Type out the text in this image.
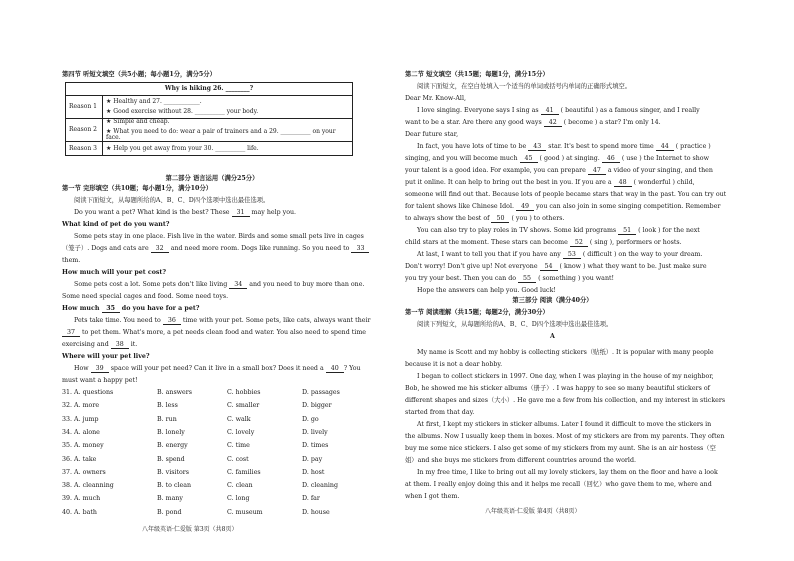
Why is hiking 26. ________?	
Reason 1	★ Healthy and 27. ____________.
★ Good exercise without 28. __________ your body.

Reason 2	★ Simple and cheap.
★ What you need to do: wear a pair of trainers and a 29. __________ on your face.

Reason 3	★ Help you get away from your 30. __________ life.
第四节 听短文填空（共5小题；每小题1分，满分5分）
第二部分 语言运用（满分25分）
第一节 完形填空（共10题；每小题1分，满分10分）
阅读下面短文，从每题所给的A、B、C、D四个选项中选出最佳选项。
Do you want a pet? What kind is the best? These 31 may help you.
What kind of pet do you want?
Some pets stay in one place. Fish live in the water. Birds and some small pets live in cages
（笼子）. Dogs and cats are 32 and need more room. Dogs like running. So you need to 33
them.
How much will your pet cost?
Some pets cost a lot. Some pets don't like living 34 and you need to buy more than one.
Some need special cages and food. Some need toys.
How much 35 do you have for a pet?
Pets take time. You need to 36 time with your pet. Some pets, like cats, always want their
37 to pet them. What's more, a pet needs clean food and water. You also need to spend time
exercising and 38 it.
Where will your pet live?
How 39 space will your pet need? Can it live in a small box? Does it need a 40 ? You
must want a happy pet!
31. A. questions	B. answers	C. hobbies	D. passages
32. A. more	B. less	C. smaller	D. bigger
33. A. jump	B. run	C. walk	D. go
34. A. alone	B. lonely	C. lovely	D. lively
35. A. money	B. energy	C. time	D. times
36. A. take	B. spend	C. cost	D. pay
37. A. owners	B. visitors	C. families	D. host
38. A. cleanning	B. to clean	C. clean	D. cleaning
39. A. much	B. many	C. long	D. far
40. A. bath	B. pond	C. museum	D. house
八年级英语·仁爱版 第3页（共8页）
第二节 短文填空（共15题；每题1分，满分15分）
阅读下面短文，在空白处填入一个适当的单词或括号内单词的正确形式填空。
Dear Mr. Know-All,
I love singing. Everyone says I sing as 41 ( beautiful ) as a famous singer, and I really
want to be a star. Are there any good ways 42 ( become ) a star? I'm only 14.
Dear future star,
In fact, you have lots of time to be 43 star. It's best to spend more time 44 ( practice )
singing, and you will become much 45 ( good ) at singing. 46 ( use ) the Internet to show
your talent is a good idea. For example, you can prepare 47 a video of your singing, and then
put it online. It can help to bring out the best in you. If you are a 48 ( wonderful ) child,
someone will find out that. Because lots of people became stars that way in the past. You can try out
for talent shows like Chinese Idol. 49 you can also join in some singing competition. Remember
to always show the best of 50 ( you ) to others.
You can also try to play roles in TV shows. Some kid programs 51 ( look ) for the next
child stars at the moment. These stars can become 52 ( sing ), performers or hosts.
At last, I want to tell you that if you have any 53 ( difficult ) on the way to your dream.
Don't worry! Don't give up! Not everyone 54 ( know ) what they want to be. Just make sure
you try your best. Then you can do 55 ( something ) you want!
Hope the answers can help you. Good luck!
第三部分 阅读（满分40分）
第一节 阅读理解（共15题；每题2分，满分30分）
阅读下列短文，从每题所给的A、B、C、D四个选项中选出最佳选项。
A
My name is Scott and my hobby is collecting stickers（贴纸）. It is popular with many people
because it is not a dear hobby.
I began to collect stickers in 1997. One day, when I was playing in the house of my neighbor,
Bob, he showed me his sticker albums（册子）. I was happy to see so many beautiful stickers of
different shapes and sizes（大小）. He gave me a few from his collection, and my interest in stickers
started from that day.
At first, I kept my stickers in sticker albums. Later I found it difficult to move the stickers in
the albums. Now I usually keep them in boxes. Most of my stickers are from my parents. They often
buy me some nice stickers. I also get some of my stickers from my aunt. She is an air hostess（空
姐）and she buys me stickers from different countries around the world.
In my free time, I like to bring out all my lovely stickers, lay them on the floor and have a look
at them. I really enjoy doing this and it helps me recall（回忆）who gave them to me, where and
when I got them.
八年级英语·仁爱版 第4页（共8页）
